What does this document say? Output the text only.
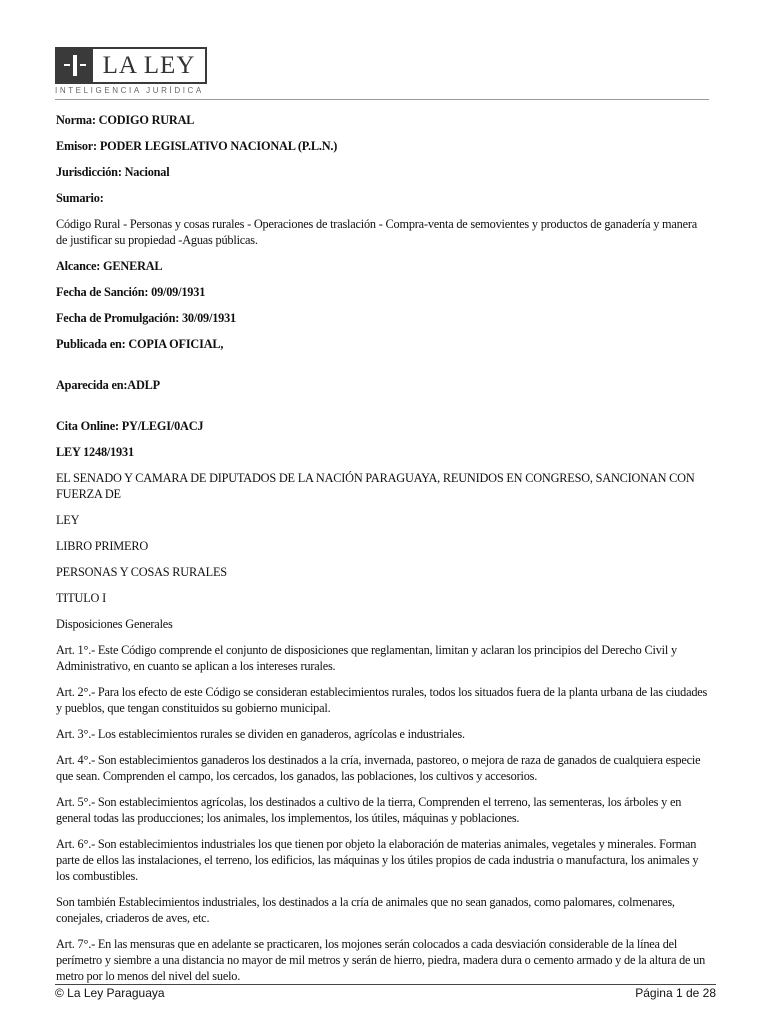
LA LEY
INTELIGENCIA JURÍDICA

Norma: CODIGO RURAL

Emisor: PODER LEGISLATIVO NACIONAL (P.L.N.)

Jurisdicción: Nacional

Sumario:

Código Rural - Personas y cosas rurales - Operaciones de traslación - Compra-venta de semovientes y productos de ganadería y manera de justificar su propiedad -Aguas públicas.

Alcance: GENERAL

Fecha de Sanción: 09/09/1931

Fecha de Promulgación: 30/09/1931

Publicada en: COPIA OFICIAL,

Aparecida en:ADLP

Cita Online: PY/LEGI/0ACJ

LEY 1248/1931

EL SENADO Y CAMARA DE DIPUTADOS DE LA NACIÓN PARAGUAYA, REUNIDOS EN CONGRESO, SANCIONAN CON FUERZA DE

LEY

LIBRO PRIMERO

PERSONAS Y COSAS RURALES

TITULO I

Disposiciones Generales

Art. 1°.- Este Código comprende el conjunto de disposiciones que reglamentan, limitan y aclaran los principios del Derecho Civil y Administrativo, en cuanto se aplican a los intereses rurales.

Art. 2°.- Para los efecto de este Código se consideran establecimientos rurales, todos los situados fuera de la planta urbana de las ciudades y pueblos, que tengan constituidos su gobierno municipal.

Art. 3°.- Los establecimientos rurales se dividen en ganaderos, agrícolas e industriales.

Art. 4°.- Son establecimientos ganaderos los destinados a la cría, invernada, pastoreo, o mejora de raza de ganados de cualquiera especie que sean. Comprenden el campo, los cercados, los ganados, las poblaciones, los cultivos y accesorios.

Art. 5°.- Son establecimientos agrícolas, los destinados a cultivo de la tierra, Comprenden el terreno, las sementeras, los árboles y en general todas las producciones; los animales, los implementos, los útiles, máquinas y poblaciones.

Art. 6°.- Son establecimientos industriales los que tienen por objeto la elaboración de materias animales, vegetales y minerales. Forman parte de ellos las instalaciones, el terreno, los edificios, las máquinas y los útiles propios de cada industria o manufactura, los animales y los combustibles.

Son también Establecimientos industriales, los destinados a la cría de animales que no sean ganados, como palomares, colmenares, conejales, criaderos de aves, etc.

Art. 7°.- En las mensuras que en adelante se practicaren, los mojones serán colocados a cada desviación considerable de la línea del perímetro y siembre a una distancia no mayor de mil metros y serán de hierro, piedra, madera dura o cemento armado y de la altura de un metro por lo menos del nivel del suelo.

© La Ley Paraguaya	Página 1 de 28
